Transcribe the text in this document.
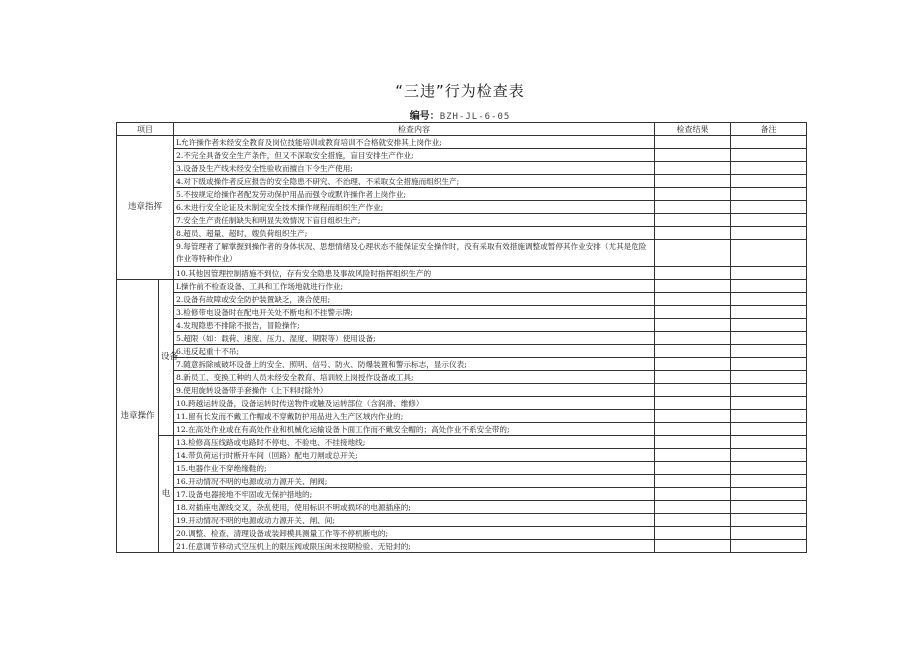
“三违”行为检查表
编号：BZH-JL-6-05
项目		检查内容	检查结果	备注
违章指挥		L允许操作者未经安全教育及岗位技能培训或教育培训不合格就安排其上岗作业;		
		2.不完全具备安全生产条件，但又不深取安全措施，盲目安排生产作业;		
		3.设备及生产线未经安全性验收而擅自下令生产使用;		
		4.对下级或操作者反应报告的安全隐患不研究、不治理、不采取女全措施而组织生产;		
		5.不按规定给操作者配发劳动保护用品而强令或默许操作者上岗作业;		
		6.未进行安全论证及未制定安全技术操作规程而组织生产作业;		
		7.安全生产责任制缺失和明显失效情况下盲目组织生产;		
		8.超员、超量、超时、嫂负荷组织生产;		
		9.每管理者了解掌握到操作者的身体状况、思想情绪及心理状态不能保证安全操作时，没有采取有效措施调整或暂停其作业安排（尤其是危险作业等特种作业）		
		10.其他因管理控制措施不到位，存有安全隐患及事故风险时指挥组织生产的		
违章操作	设备	L操作前不检查设备、工具和工作场地就进行作业;		
		2.设备有故障或安全防护装置缺乏，凑合使用;		
		3.检修带电设备时在配电开关处不断电和不挂警示牌;		
		4.发现隐患不排除不报告，冒险操作;		
		5.超限（如：载荷、速度、压力、湿度、期限等）使用设备;		
		6.违反起重十不吊;		
		7.随意拆除威破坏设备上的安全、照明、信号、防火、防爆装置和警示标志，显示仪表;		
		8.新员工、变换工种的人员未经安全教育、培训较上岗授作设备或工具;		
		9.使用旋转设备带手套操作（上下料时除外）		
		10.跨越运转设备，设备运转时传送物件或触及运转部位（含润滑、维修）		
		11.留有长发而不戴工作帽或不穿戴防护用品进入生产区域内作业的;		
		12.在高处作业或在有高处作业和机械化运输设备卜面工作而不戴安全帽的；高处作业不系安全带的;		
	电	13.检修高压线路或电路时不停电、不验电、不挂接地线;		
		14.带负荷运行时断开车间（回路）配电刀闸或总开关;		
		15.电器作业不穿绝缘鞋的;		
		16.开动情况不明的电源或动力源开关、闸阀;		
		17.设备电器接地不牢固或无保护措地的;		
		18.对插座电源线交叉，杂乱使用，使用标识不明或损坏的电源插座的;		
		19.开动情况不明的电源或动力源开关、闸、间;		
		20.调整、检查、清理设备或装卸模具测量工作等不停机断电的;		
		21.任意调节移动式空压机上的限压阀或限压闽未按期检验、无铅封的;		
